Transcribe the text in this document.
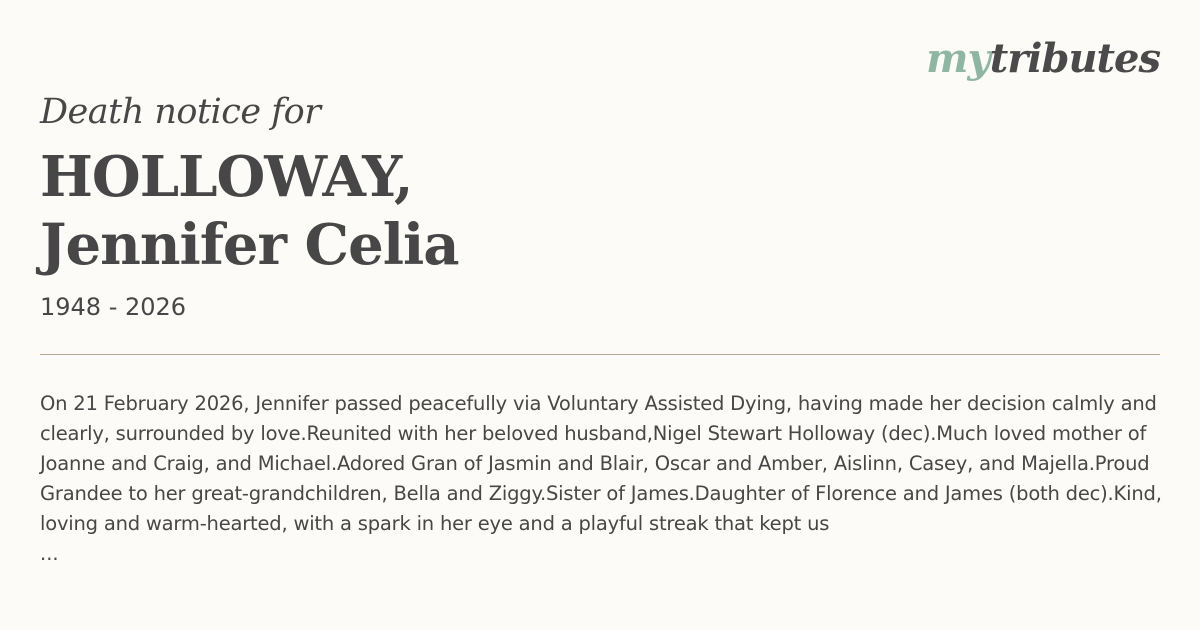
mytributes
Death notice for
HOLLOWAY,
Jennifer Celia
1948 - 2026

On 21 February 2026, Jennifer passed peacefully via Voluntary Assisted Dying, having made her decision calmly and clearly, surrounded by love.Reunited with her beloved husband,Nigel Stewart Holloway (dec).Much loved mother of Joanne and Craig, and Michael.Adored Gran of Jasmin and Blair, Oscar and Amber, Aislinn, Casey, and Majella.Proud Grandee to her great-grandchildren, Bella and Ziggy.Sister of James.Daughter of Florence and James (both dec).Kind, loving and warm-hearted, with a spark in her eye and a playful streak that kept us

...
